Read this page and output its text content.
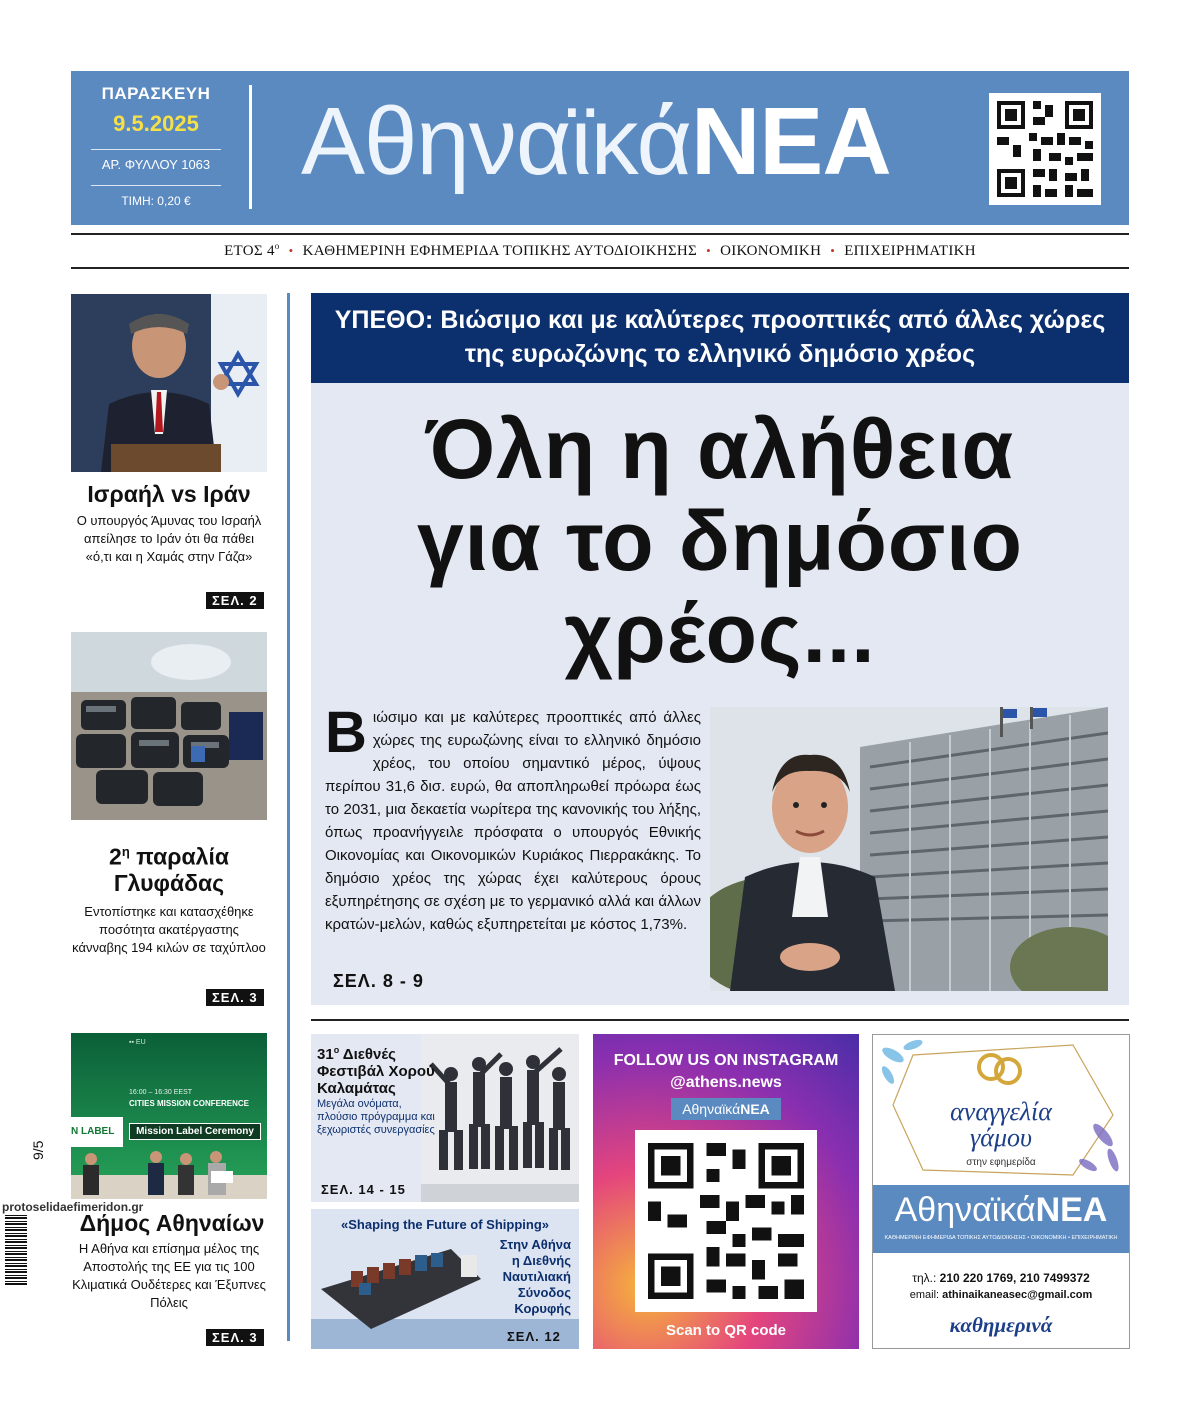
ΠΑΡΑΣΚΕΥΗ
9.5.2025
ΑΡ. ΦΥΛΛΟΥ 1063
ΤΙΜΗ: 0,20 €
ΑθηναϊκάΝΕΑ
ΕΤΟΣ $4^o$ • ΚΑΘΗΜΕΡΙΝΗ ΕΦΗΜΕΡΙΔΑ ΤΟΠΙΚΗΣ ΑΥΤΟΔΙΟΙΚΗΣΗΣ • ΟΙΚΟΝΟΜΙΚΗ • ΕΠΙΧΕΙΡΗΜΑΤΙΚΗ
Ισραήλ vs Ιράν
Ο υπουργός Άμυνας του Ισραήλ απείλησε το Ιράν ότι θα πάθει «ό,τι και η Χαμάς στην Γάζα»
ΣΕΛ. 2
$2^\eta$ παραλία
Γλυφάδας
Εντοπίστηκε και κατασχέθηκε ποσότητα ακατέργαστης κάνναβης 194 κιλών σε ταχύπλοο
ΣΕΛ. 3
▪▪ EU
16:00 – 16:30 EEST
CITIES MISSION CONFERENCE
Mission Label Ceremony
N LABEL
Δήμος Αθηναίων
Η Αθήνα και επίσημα μέλος της Αποστολής της ΕΕ για τις 100 Κλιματικά Ουδέτερες και Έξυπνες Πόλεις
ΣΕΛ. 3
9/5
protoselidaefimeridon.gr
ΥΠΕΘΟ: Βιώσιμο και με καλύτερες προοπτικές από άλλες χώρες της ευρωζώνης το ελληνικό δημόσιο χρέος
Όλη η αλήθεια
για το δημόσιο
χρέος...
Βιώσιμο και με καλύτερες προοπτικές από άλλες χώρες της ευρωζώνης είναι το ελληνικό δημόσιο χρέος, του οποίου σημαντικό μέρος, ύψους περίπου 31,6 δισ. ευρώ, θα αποπληρωθεί πρόωρα έως το 2031, μια δεκαετία νωρίτερα της κανονικής του λήξης, όπως προανήγγειλε πρόσφατα ο υπουργός Εθνικής Οικονομίας και Οικονομικών Κυριάκος Πιερρακάκης. Το δημόσιο χρέος της χώρας έχει καλύτερους όρους εξυπηρέτησης σε σχέση με το γερμανικό αλλά και άλλων κρατών-μελών, καθώς εξυπηρετείται με κόστος 1,73%.
ΣΕΛ. 8 - 9
$31^o$ Διεθνές
Φεστιβάλ Χορού
Καλαμάτας
Μεγάλα ονόματα, πλούσιο πρόγραμμα και ξεχωριστές συνεργασίες
ΣΕΛ. 14 - 15
«Shaping the Future of Shipping»
Στην Αθήνα η Διεθνής Ναυτιλιακή Σύνοδος Κορυφής
ΣΕΛ. 12
FOLLOW US ON INSTAGRAM
@athens.news
ΑθηναϊκάΝΕΑ
Scan to QR code
αναγγελία
γάμου
στην εφημερίδα
ΑθηναϊκάΝΕΑ
ΚΑΘΗΜΕΡΙΝΗ ΕΦΗΜΕΡΙΔΑ ΤΟΠΙΚΗΣ ΑΥΤΟΔΙΟΙΚΗΣΗΣ • ΟΙΚΟΝΟΜΙΚΗ • ΕΠΙΧΕΙΡΗΜΑΤΙΚΗ
τηλ.: 210 220 1769, 210 7499372
email: athinaikaneasec@gmail.com
καθημερινά
